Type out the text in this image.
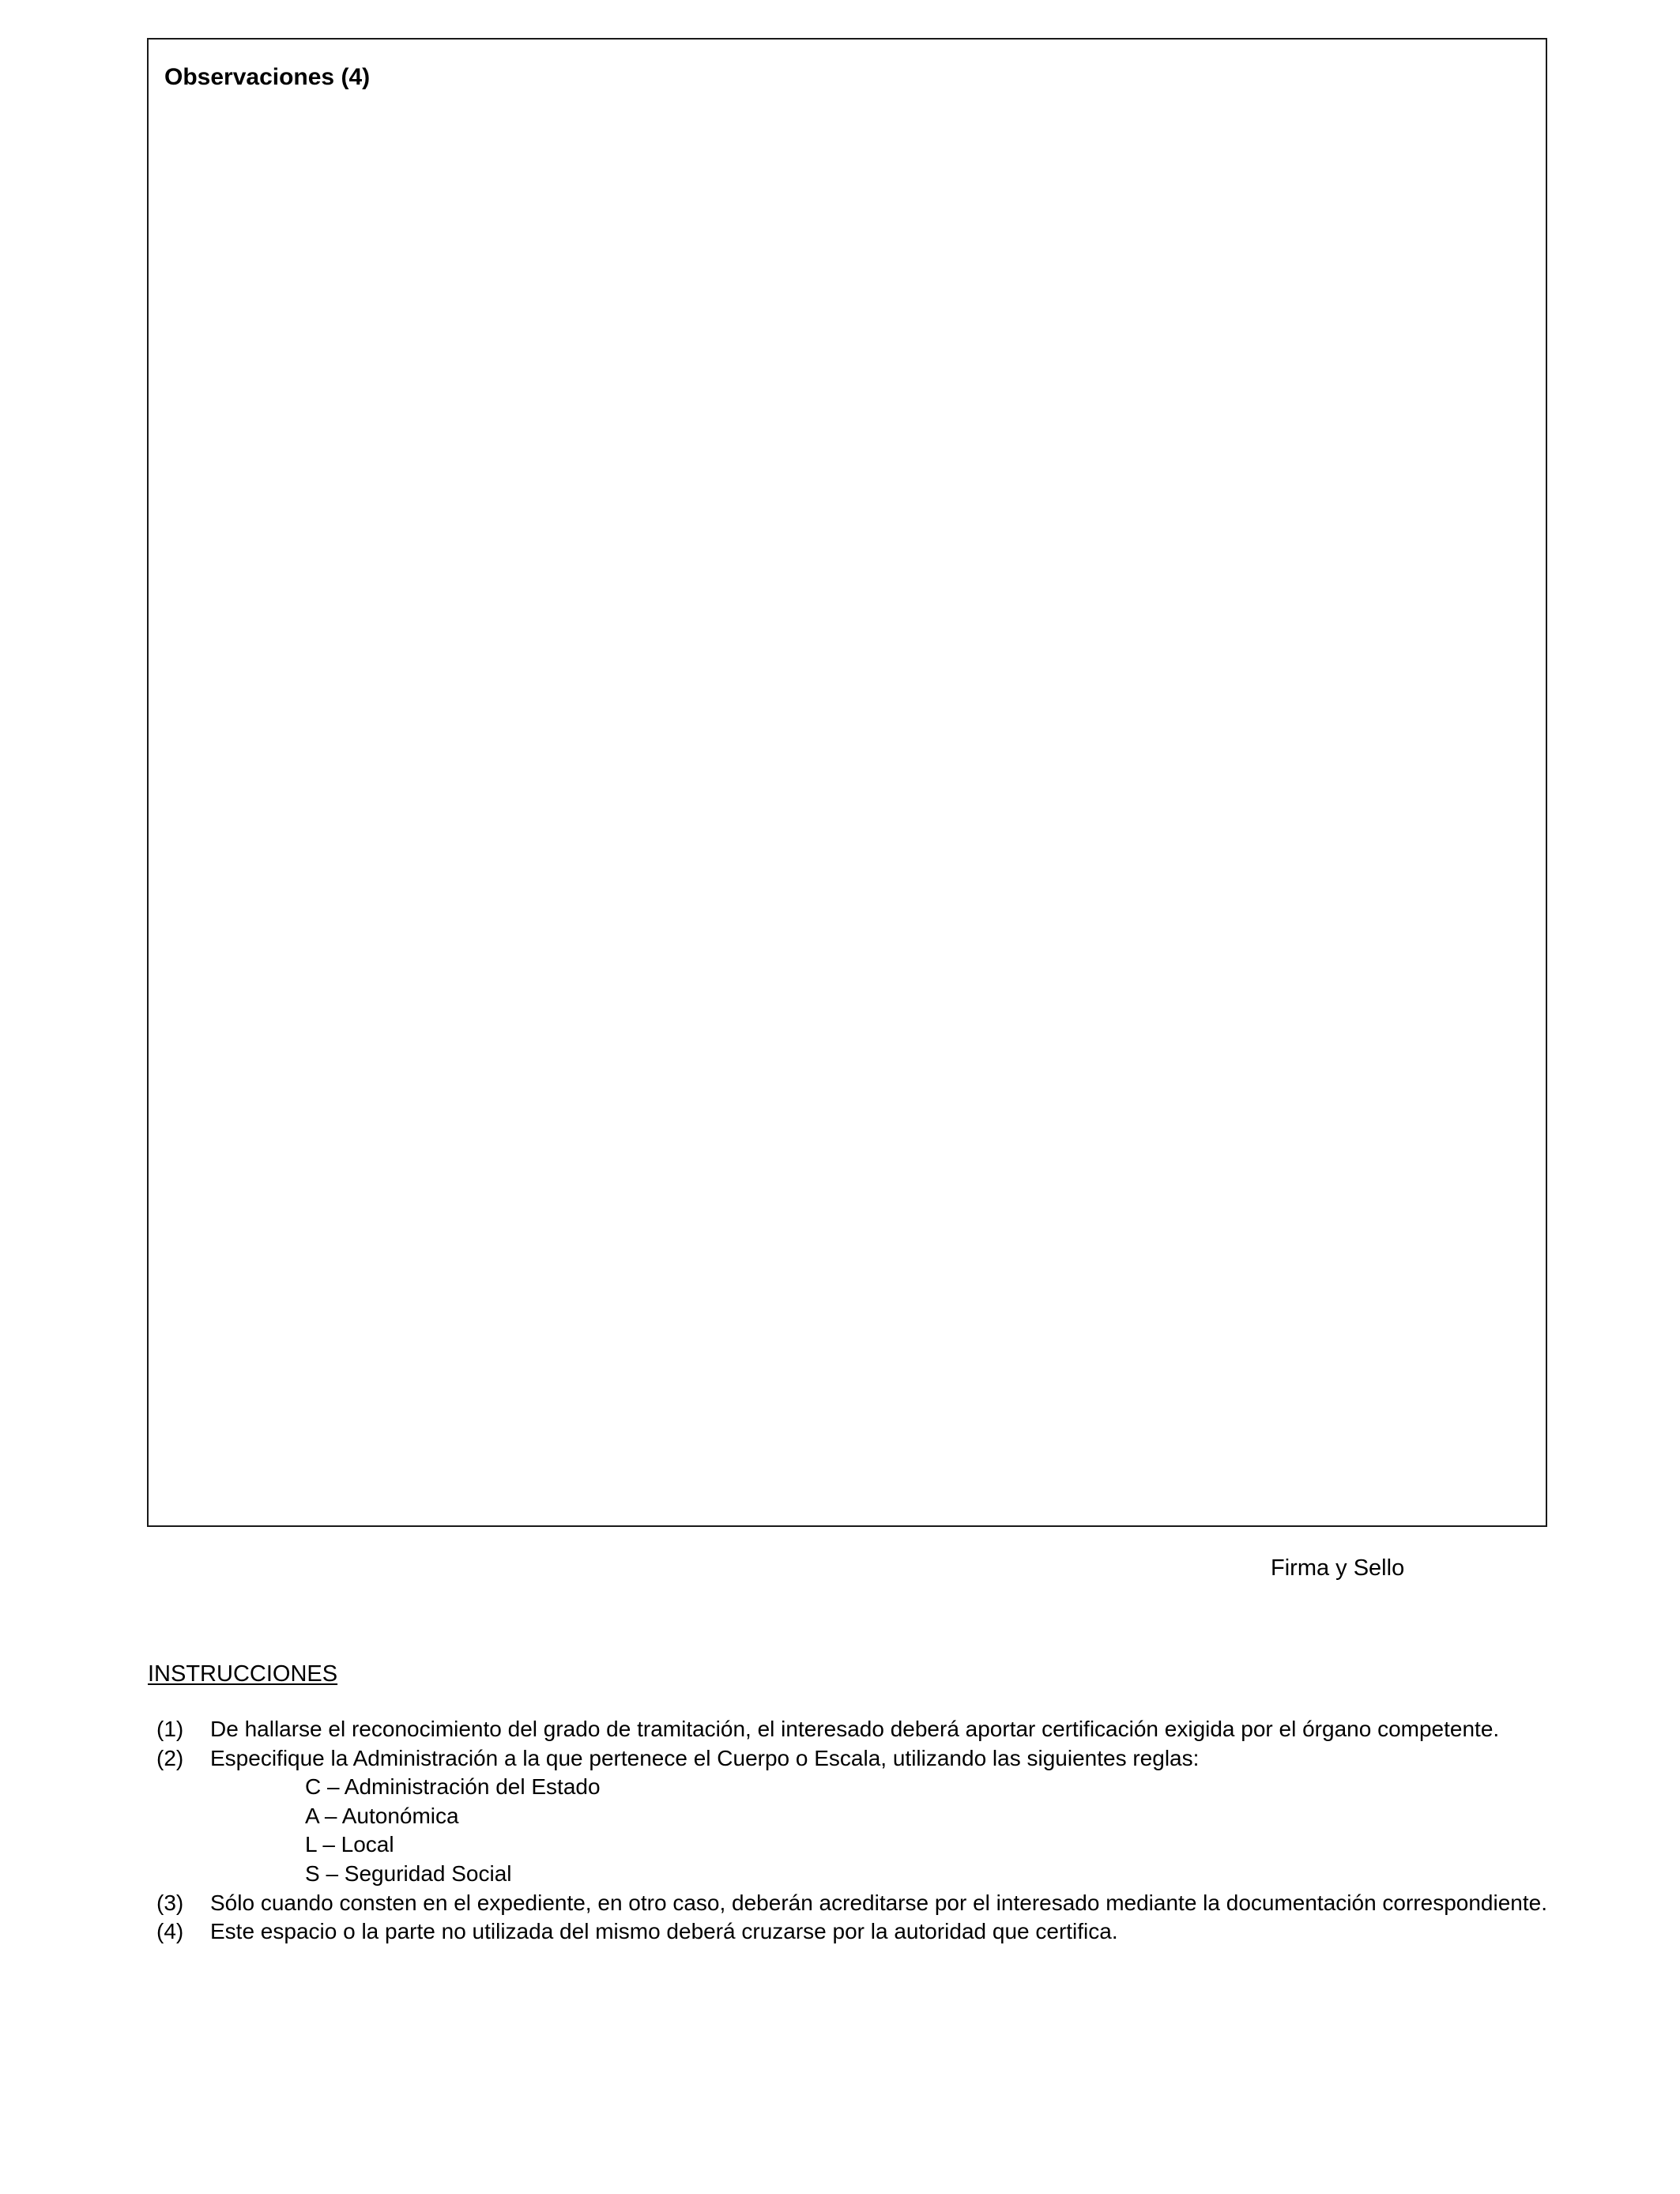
Observaciones (4)
Firma y Sello
INSTRUCCIONES
(1) De hallarse el reconocimiento del grado de tramitación, el interesado deberá aportar certificación exigida por el órgano competente.
(2) Especifique la Administración a la que pertenece el Cuerpo o Escala, utilizando las siguientes reglas:
C – Administración del Estado
A – Autonómica
L – Local
S – Seguridad Social
(3) Sólo cuando consten en el expediente, en otro caso, deberán acreditarse por el interesado mediante la documentación correspondiente.
(4) Este espacio o la parte no utilizada del mismo deberá cruzarse por la autoridad que certifica.
